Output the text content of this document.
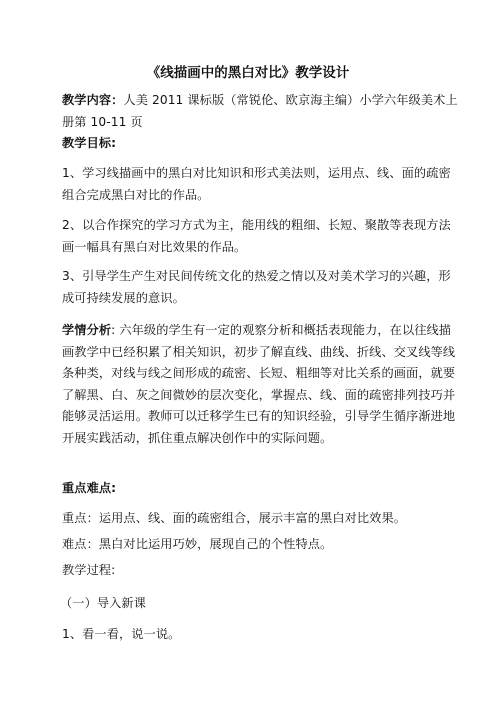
《线描画中的黑白对比》教学设计
教学内容：人美 2011 课标版（常锐伦、欧京海主编）小学六年级美术上
册第 10-11 页
教学目标:
1、学习线描画中的黑白对比知识和形式美法则，运用点、线、面的疏密
组合完成黑白对比的作品。
2、以合作探究的学习方式为主，能用线的粗细、长短、聚散等表现方法
画一幅具有黑白对比效果的作品。
3、引导学生产生对民间传统文化的热爱之情以及对美术学习的兴趣，形
成可持续发展的意识。
学情分析: 六年级的学生有一定的观察分析和概括表现能力，在以往线描
画教学中已经积累了相关知识，初步了解直线、曲线、折线、交叉线等线
条种类，对线与线之间形成的疏密、长短、粗细等对比关系的画面，就要
了解黑、白、灰之间微妙的层次变化，掌握点、线、面的疏密排列技巧并
能够灵活运用。教师可以迁移学生已有的知识经验，引导学生循序渐进地
开展实践活动，抓住重点解决创作中的实际问题。
重点难点:
重点：运用点、线、面的疏密组合，展示丰富的黑白对比效果。
难点：黑白对比运用巧妙，展现自己的个性特点。
教学过程:
（一）导入新课
1、看一看，说一说。
